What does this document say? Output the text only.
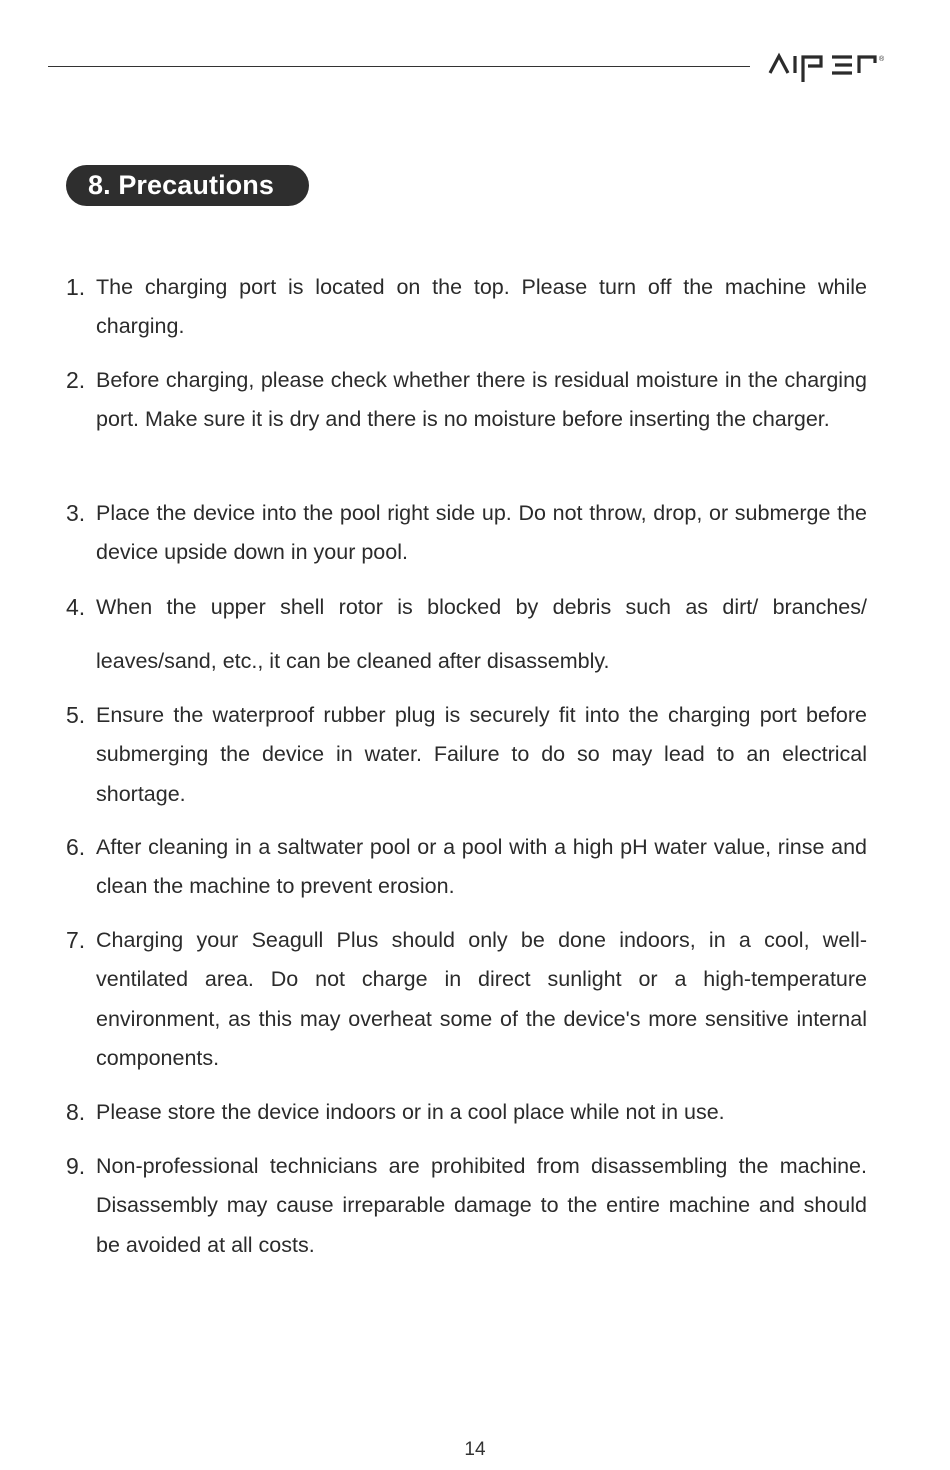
®
8. Precautions
1. The charging port is located on the top. Please turn off the machine while charging.
2. Before charging, please check whether there is residual moisture in the charging port. Make sure it is dry and there is no moisture before inserting the charger.
3. Place the device into the pool right side up. Do not throw, drop, or submerge the device upside down in your pool.
4. When the upper shell rotor is blocked by debris such as dirt/ branches/ leaves/sand, etc., it can be cleaned after disassembly.
5. Ensure the waterproof rubber plug is securely fit into the charging port before submerging the device in water. Failure to do so may lead to an electrical shortage.
6. After cleaning in a saltwater pool or a pool with a high pH water value, rinse and clean the machine to prevent erosion.
7. Charging your Seagull Plus should only be done indoors, in a cool, well-ventilated area. Do not charge in direct sunlight or a high-temperature environment, as this may overheat some of the device's more sensitive internal components.
8. Please store the device indoors or in a cool place while not in use.
9. Non-professional technicians are prohibited from disassembling the machine. Disassembly may cause irreparable damage to the entire machine and should be avoided at all costs.
14
